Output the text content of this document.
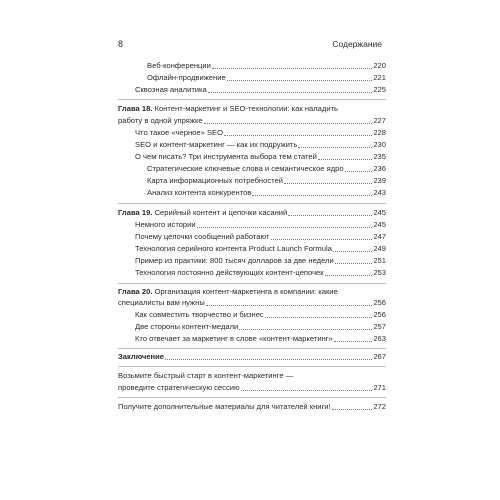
8	Содержание
Веб-конференции	220
Офлайн-продвижение	221
Сквозная аналитика	225
Глава 18. Контент-маркетинг и SEO-технологии: как наладить
работу в одной упряжке	227
Что такое «черное» SEO	228
SEO и контент-маркетинг — как их подружить	230
О чем писать? Три инструмента выбора тем статей	235
Стратегические ключевые слова и семантическое ядро	236
Карта информационных потребностей	239
Анализ контента конкурентов	243
Глава 19. Серийный контент и цепочки касаний	245
Немного истории	245
Почему цепочки сообщений работают	247
Технология серийного контента Product Launch Formula	249
Пример из практики: 800 тысяч долларов за две недели	251
Технология постоянно действующих контент-цепочек	253
Глава 20. Организация контент-маркетинга в компании: какие
специалисты вам нужны	256
Как совместить творчество и бизнес	256
Две стороны контент-медали	257
Кто отвечает за маркетинг в слове «контент-маркетинг»	263
Заключение	267
Возьмите быстрый старт в контент-маркетинге —
проведите стратегическую сессию	271
Получите дополнительные материалы для читателей книги!	272
